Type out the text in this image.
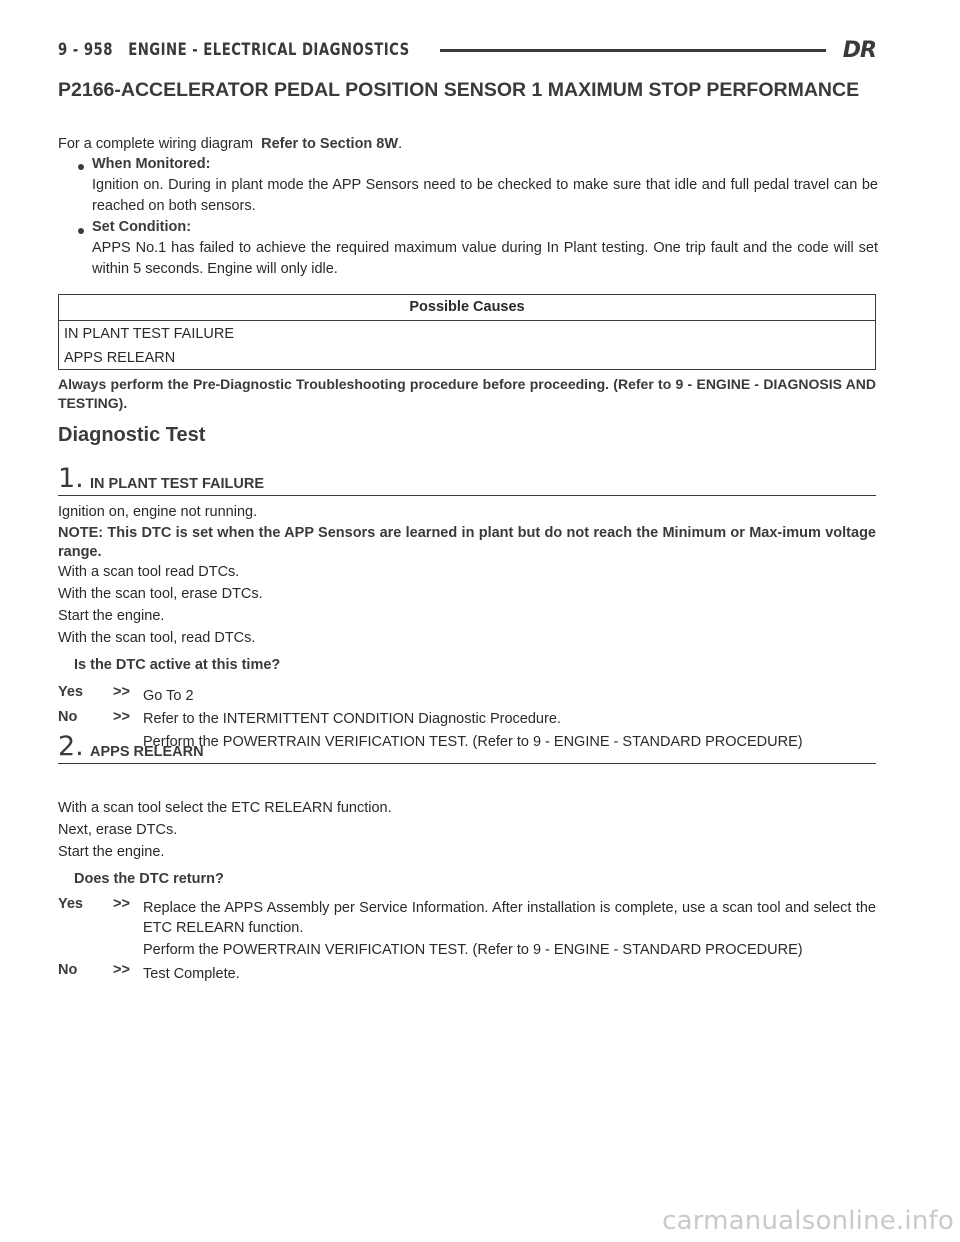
9 - 958 ENGINE - ELECTRICAL DIAGNOSTICS	DR
P2166-ACCELERATOR PEDAL POSITION SENSOR 1 MAXIMUM STOP PERFORMANCE
For a complete wiring diagram Refer to Section 8W.
When Monitored:
Ignition on. During in plant mode the APP Sensors need to be checked to make sure that idle and full pedal travel can be reached on both sensors.
Set Condition:
APPS No.1 has failed to achieve the required maximum value during In Plant testing. One trip fault and the code will set within 5 seconds. Engine will only idle.
Possible Causes
IN PLANT TEST FAILURE
APPS RELEARN
Always perform the Pre-Diagnostic Troubleshooting procedure before proceeding. (Refer to 9 - ENGINE - DIAGNOSIS AND TESTING).
Diagnostic Test
1. IN PLANT TEST FAILURE
Ignition on, engine not running.
NOTE: This DTC is set when the APP Sensors are learned in plant but do not reach the Minimum or Max-imum voltage range.
With a scan tool read DTCs.
With the scan tool, erase DTCs.
Start the engine.
With the scan tool, read DTCs.
Is the DTC active at this time?
Yes >> Go To 2
No >> Refer to the INTERMITTENT CONDITION Diagnostic Procedure.
Perform the POWERTRAIN VERIFICATION TEST. (Refer to 9 - ENGINE - STANDARD PROCEDURE)
2. APPS RELEARN
With a scan tool select the ETC RELEARN function.
Next, erase DTCs.
Start the engine.
Does the DTC return?
Yes >> Replace the APPS Assembly per Service Information. After installation is complete, use a scan tool and select the ETC RELEARN function.
Perform the POWERTRAIN VERIFICATION TEST. (Refer to 9 - ENGINE - STANDARD PROCEDURE)
No >> Test Complete.
carmanualsonline.info
